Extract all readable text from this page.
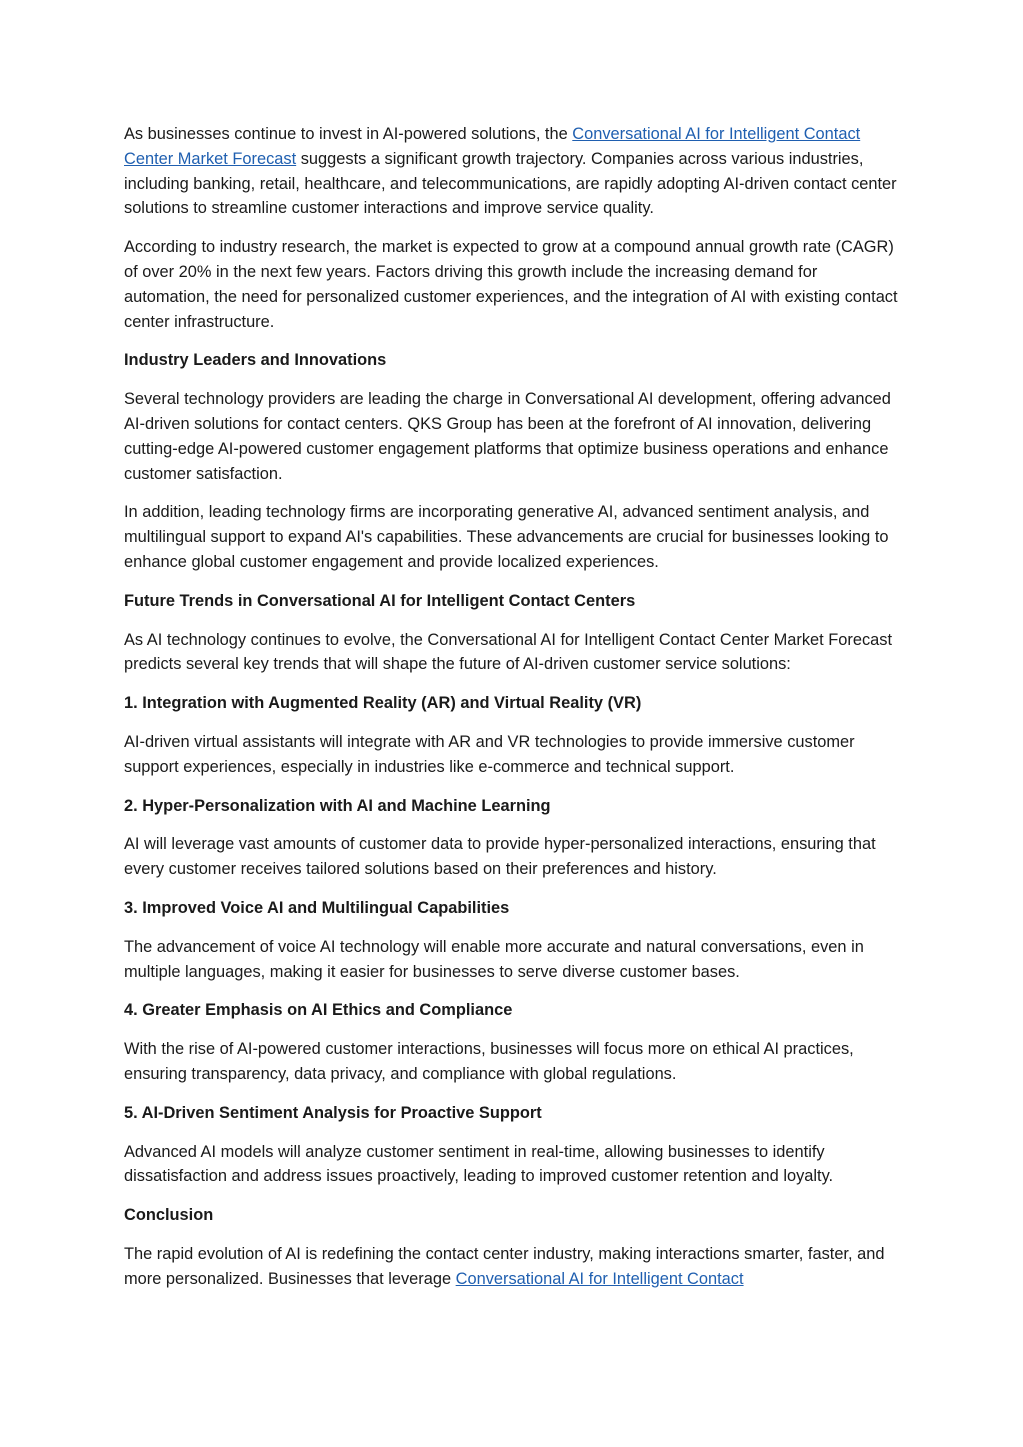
As businesses continue to invest in AI-powered solutions, the Conversational AI for Intelligent Contact Center Market Forecast suggests a significant growth trajectory. Companies across various industries, including banking, retail, healthcare, and telecommunications, are rapidly adopting AI-driven contact center solutions to streamline customer interactions and improve service quality.

According to industry research, the market is expected to grow at a compound annual growth rate (CAGR) of over 20% in the next few years. Factors driving this growth include the increasing demand for automation, the need for personalized customer experiences, and the integration of AI with existing contact center infrastructure.

Industry Leaders and Innovations

Several technology providers are leading the charge in Conversational AI development, offering advanced AI-driven solutions for contact centers. QKS Group has been at the forefront of AI innovation, delivering cutting-edge AI-powered customer engagement platforms that optimize business operations and enhance customer satisfaction.

In addition, leading technology firms are incorporating generative AI, advanced sentiment analysis, and multilingual support to expand AI's capabilities. These advancements are crucial for businesses looking to enhance global customer engagement and provide localized experiences.

Future Trends in Conversational AI for Intelligent Contact Centers

As AI technology continues to evolve, the Conversational AI for Intelligent Contact Center Market Forecast predicts several key trends that will shape the future of AI-driven customer service solutions:

1. Integration with Augmented Reality (AR) and Virtual Reality (VR)

AI-driven virtual assistants will integrate with AR and VR technologies to provide immersive customer support experiences, especially in industries like e-commerce and technical support.

2. Hyper-Personalization with AI and Machine Learning

AI will leverage vast amounts of customer data to provide hyper-personalized interactions, ensuring that every customer receives tailored solutions based on their preferences and history.

3. Improved Voice AI and Multilingual Capabilities

The advancement of voice AI technology will enable more accurate and natural conversations, even in multiple languages, making it easier for businesses to serve diverse customer bases.

4. Greater Emphasis on AI Ethics and Compliance

With the rise of AI-powered customer interactions, businesses will focus more on ethical AI practices, ensuring transparency, data privacy, and compliance with global regulations.

5. AI-Driven Sentiment Analysis for Proactive Support

Advanced AI models will analyze customer sentiment in real-time, allowing businesses to identify dissatisfaction and address issues proactively, leading to improved customer retention and loyalty.

Conclusion

The rapid evolution of AI is redefining the contact center industry, making interactions smarter, faster, and more personalized. Businesses that leverage Conversational AI for Intelligent Contact
